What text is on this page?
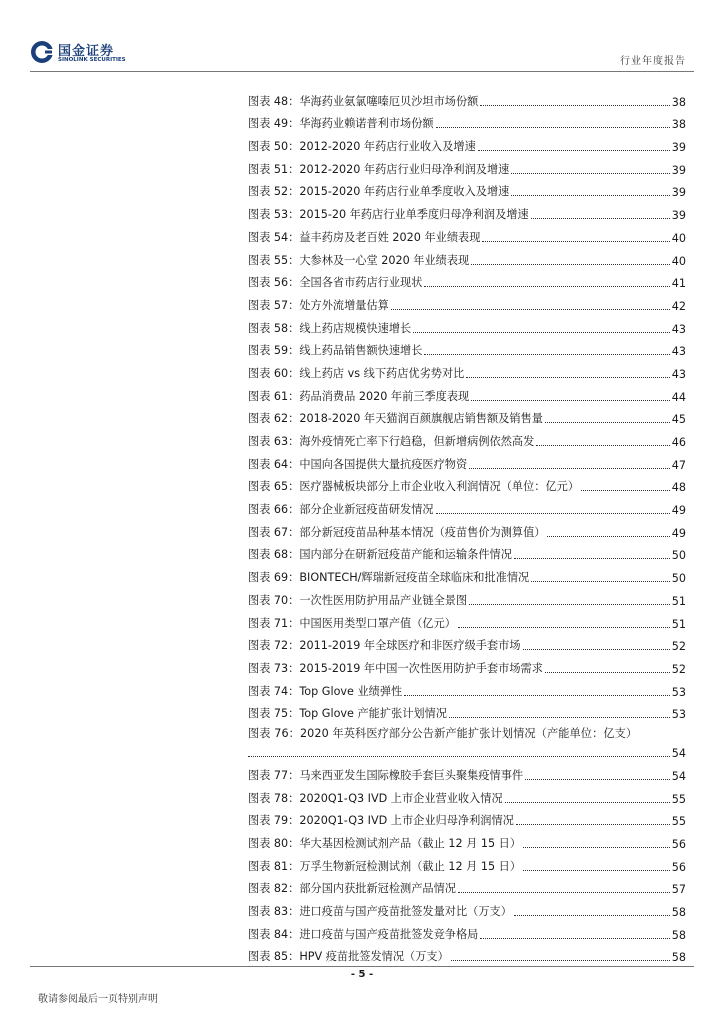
国金证券
SINOLINK SECURITIES	行业年度报告
图表 48：华海药业氨氯噻嗪厄贝沙坦市场份额	38
图表 49：华海药业赖诺普利市场份额	38
图表 50：2012-2020 年药店行业收入及增速	39
图表 51：2012-2020 年药店行业归母净利润及增速	39
图表 52：2015-2020 年药店行业单季度收入及增速	39
图表 53：2015-20 年药店行业单季度归母净利润及增速	39
图表 54：益丰药房及老百姓 2020 年业绩表现	40
图表 55：大参林及一心堂 2020 年业绩表现	40
图表 56：全国各省市药店行业现状	41
图表 57：处方外流增量估算	42
图表 58：线上药店规模快速增长	43
图表 59：线上药品销售额快速增长	43
图表 60：线上药店 vs 线下药店优劣势对比	43
图表 61：药品消费品 2020 年前三季度表现	44
图表 62：2018-2020 年天猫润百颜旗舰店销售额及销售量	45
图表 63：海外疫情死亡率下行趋稳，但新增病例依然高发	46
图表 64：中国向各国提供大量抗疫医疗物资	47
图表 65：医疗器械板块部分上市企业收入利润情况（单位：亿元）	48
图表 66：部分企业新冠疫苗研发情况	49
图表 67：部分新冠疫苗品种基本情况（疫苗售价为测算值）	49
图表 68：国内部分在研新冠疫苗产能和运输条件情况	50
图表 69：BIONTECH/辉瑞新冠疫苗全球临床和批准情况	50
图表 70：一次性医用防护用品产业链全景图	51
图表 71：中国医用类型口罩产值（亿元）	51
图表 72：2011-2019 年全球医疗和非医疗级手套市场	52
图表 73：2015-2019 年中国一次性医用防护手套市场需求	52
图表 74：Top Glove 业绩弹性	53
图表 75：Top Glove 产能扩张计划情况	53
图表 76：2020 年英科医疗部分公告新产能扩张计划情况（产能单位：亿支）
54
图表 77：马来西亚发生国际橡胶手套巨头聚集疫情事件	54
图表 78：2020Q1-Q3 IVD 上市企业营业收入情况	55
图表 79：2020Q1-Q3 IVD 上市企业归母净利润情况	55
图表 80：华大基因检测试剂产品（截止 12 月 15 日）	56
图表 81：万孚生物新冠检测试剂（截止 12 月 15 日）	56
图表 82：部分国内获批新冠检测产品情况	57
图表 83：进口疫苗与国产疫苗批签发量对比（万支）	58
图表 84：进口疫苗与国产疫苗批签发竞争格局	58
图表 85：HPV 疫苗批签发情况（万支）	58
- 5 -
敬请参阅最后一页特别声明
